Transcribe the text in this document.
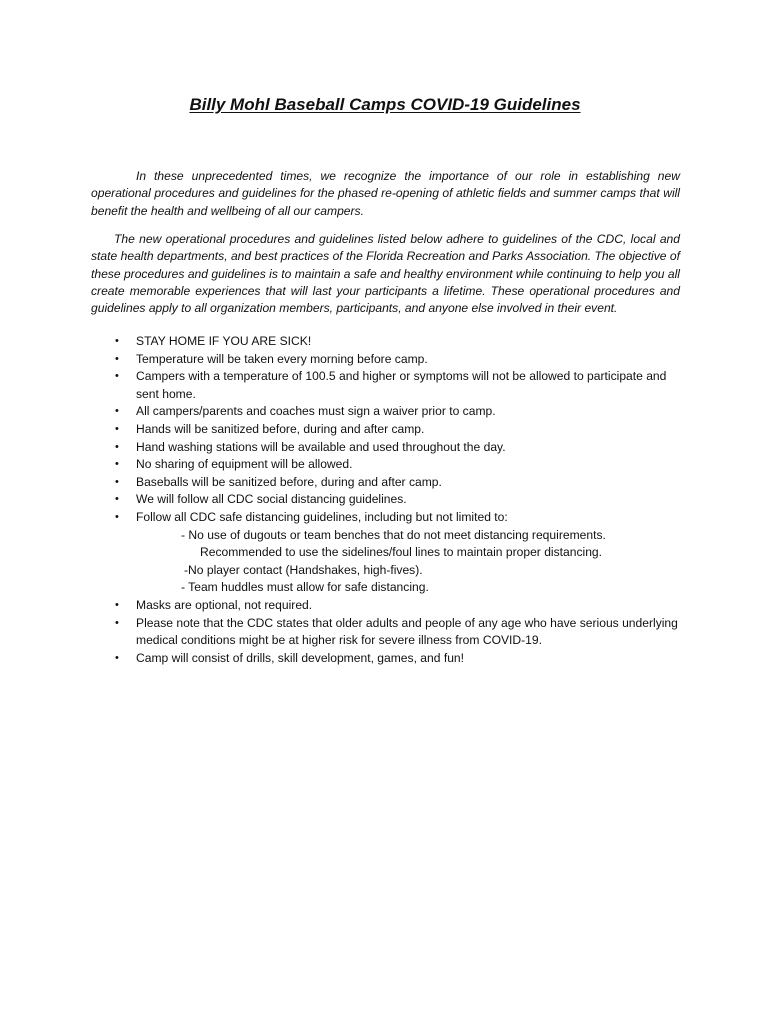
Billy Mohl Baseball Camps COVID-19 Guidelines

In these unprecedented times, we recognize the importance of our role in establishing new operational procedures and guidelines for the phased re-opening of athletic fields and summer camps that will benefit the health and wellbeing of all our campers.

The new operational procedures and guidelines listed below adhere to guidelines of the CDC, local and state health departments, and best practices of the Florida Recreation and Parks Association. The objective of these procedures and guidelines is to maintain a safe and healthy environment while continuing to help you all create memorable experiences that will last your participants a lifetime. These operational procedures and guidelines apply to all organization members, participants, and anyone else involved in their event.

• STAY HOME IF YOU ARE SICK!
• Temperature will be taken every morning before camp.
• Campers with a temperature of 100.5 and higher or symptoms will not be allowed to participate and sent home.
• All campers/parents and coaches must sign a waiver prior to camp.
• Hands will be sanitized before, during and after camp.
• Hand washing stations will be available and used throughout the day.
• No sharing of equipment will be allowed.
• Baseballs will be sanitized before, during and after camp.
• We will follow all CDC social distancing guidelines.
• Follow all CDC safe distancing guidelines, including but not limited to:
- No use of dugouts or team benches that do not meet distancing requirements.
Recommended to use the sidelines/foul lines to maintain proper distancing.
-No player contact (Handshakes, high-fives).
- Team huddles must allow for safe distancing.
• Masks are optional, not required.
• Please note that the CDC states that older adults and people of any age who have serious underlying medical conditions might be at higher risk for severe illness from COVID-19.
• Camp will consist of drills, skill development, games, and fun!
